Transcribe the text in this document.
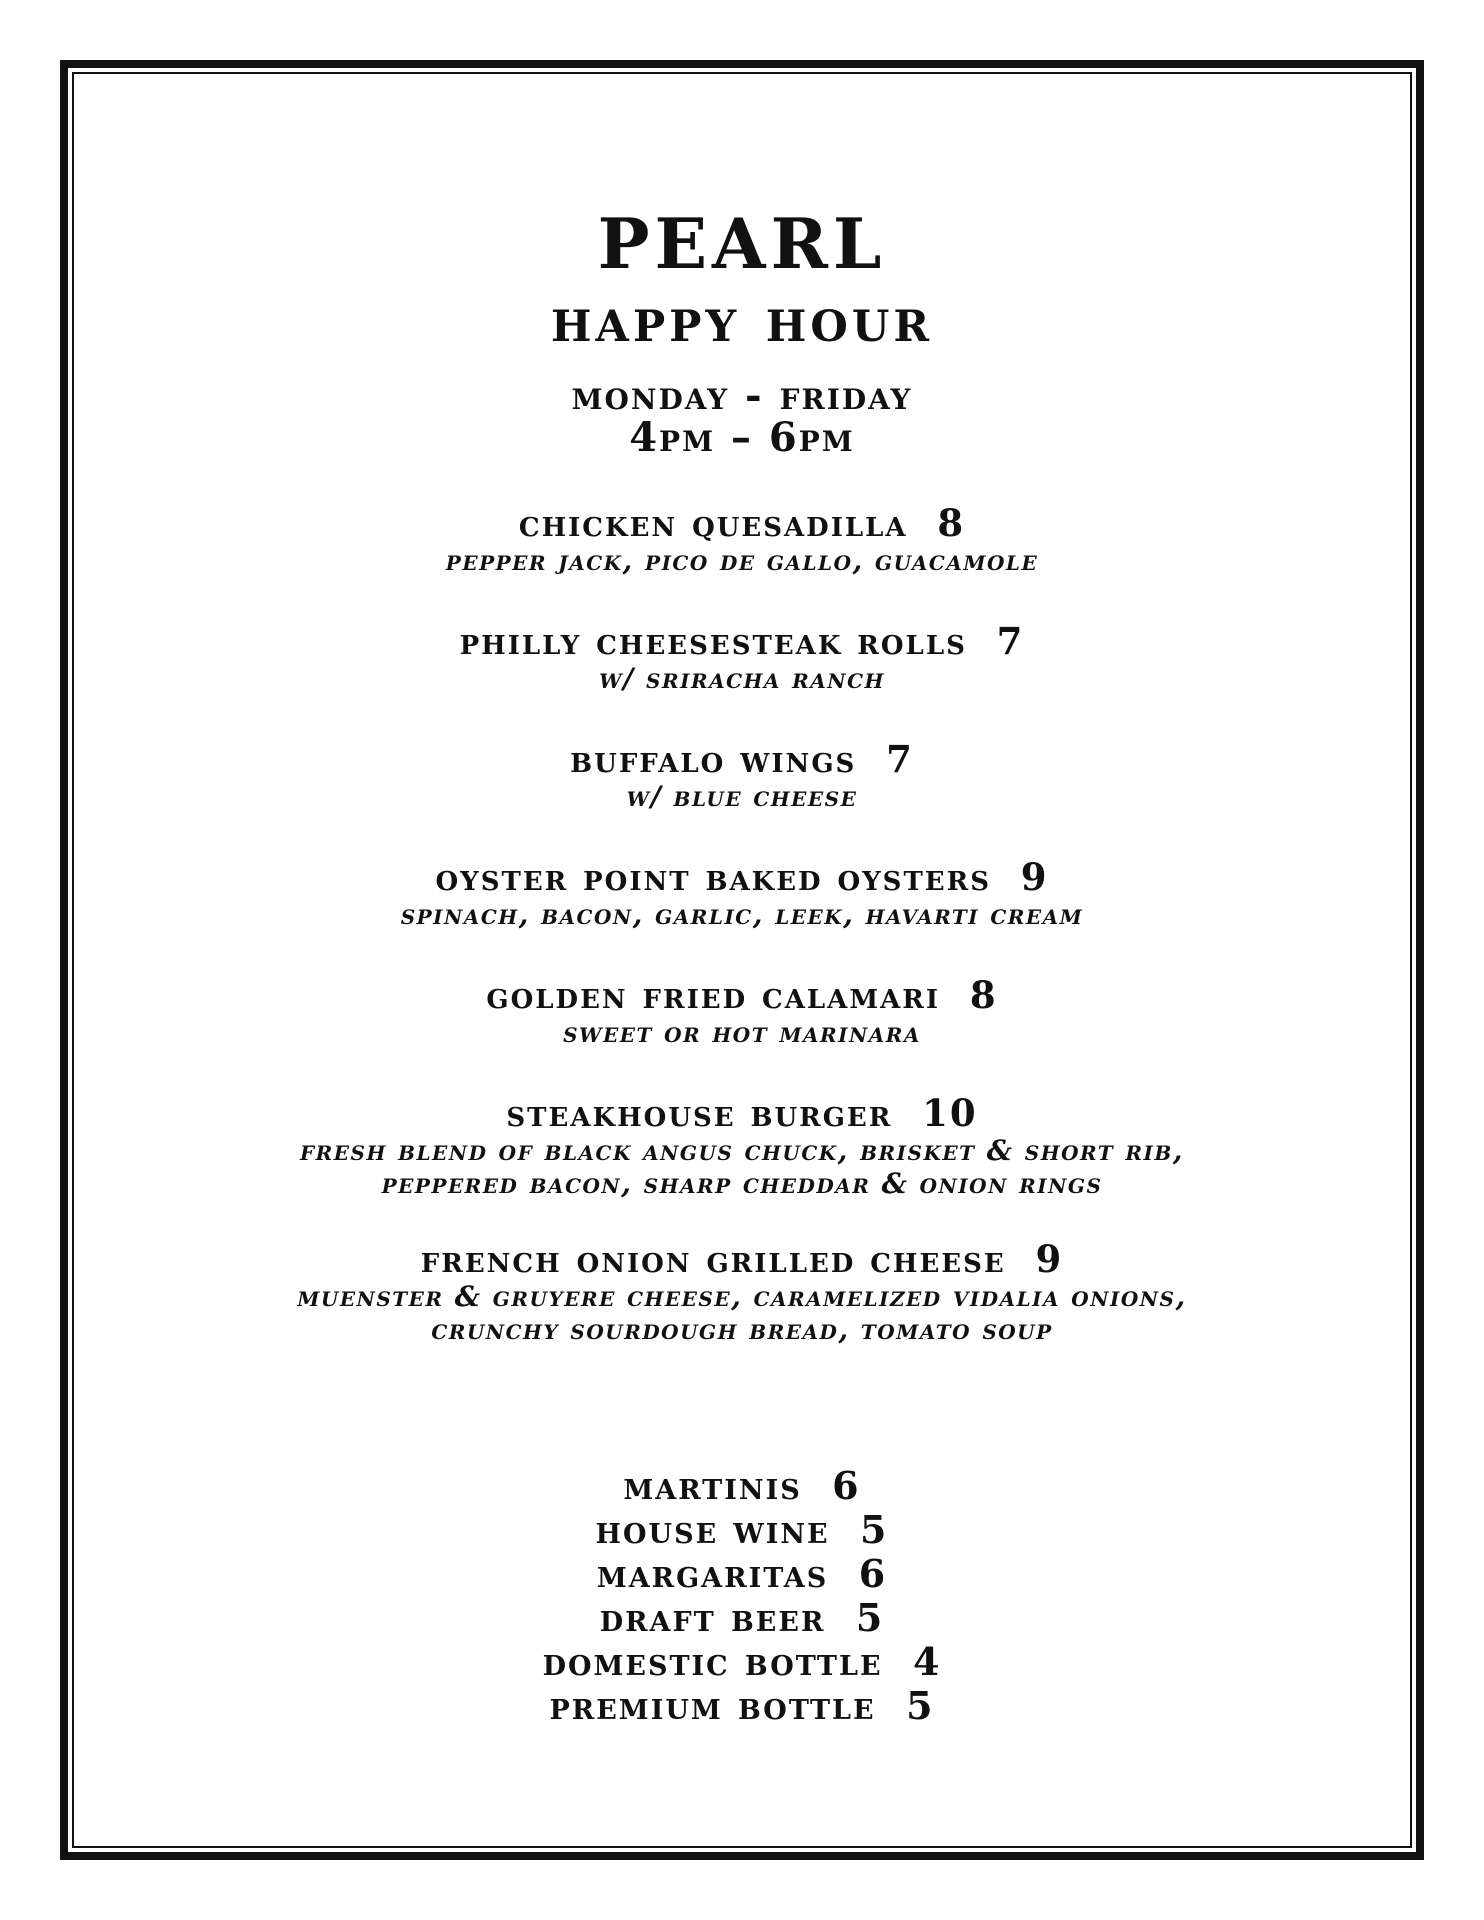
pearl
happy hour
monday - friday
4pm – 6pm
chicken quesadilla  8
pepper jack, pico de gallo, guacamole
philly cheesesteak rolls  7
w/ sriracha ranch
buffalo wings  7
w/ blue cheese
oyster point baked oysters  9
spinach, bacon, garlic, leek, havarti cream
golden fried calamari  8
sweet or hot marinara
steakhouse burger  10
fresh blend of black angus chuck, brisket & short rib,
peppered bacon, sharp cheddar & onion rings
french onion grilled cheese  9
muenster & gruyere cheese, caramelized vidalia onions,
crunchy sourdough bread, tomato soup
martinis  6
house wine  5
margaritas  6
draft beer  5
domestic bottle  4
premium bottle  5
